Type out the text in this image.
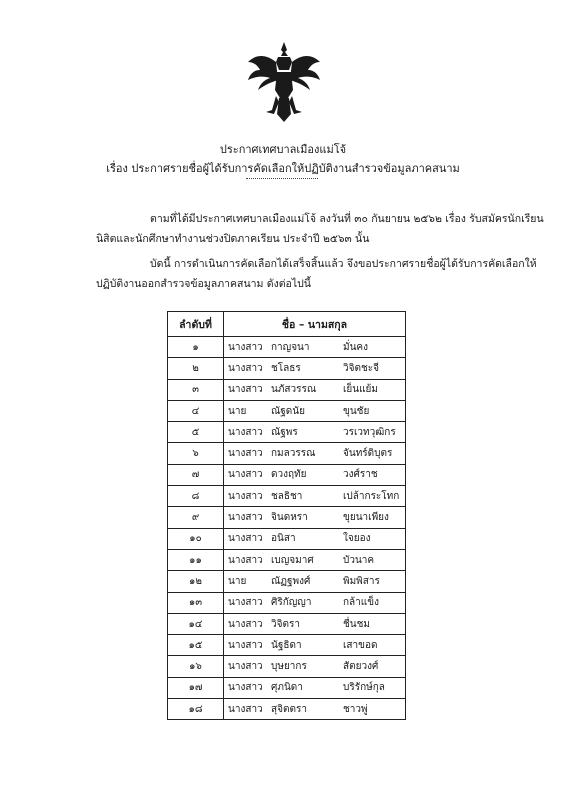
ประกาศเทศบาลเมืองแม่โจ้
เรื่อง ประกาศรายชื่อผู้ได้รับการคัดเลือกให้ปฏิบัติงานสำรวจข้อมูลภาคสนาม
ตามที่ได้มีประกาศเทศบาลเมืองแม่โจ้ ลงวันที่ ๓๐ กันยายน ๒๕๖๒ เรื่อง รับสมัครนักเรียน
นิสิตและนักศึกษาทำงานช่วงปิดภาคเรียน ประจำปี ๒๕๖๓ นั้น
บัดนี้ การดำเนินการคัดเลือกได้เสร็จสิ้นแล้ว จึงขอประกาศรายชื่อผู้ได้รับการคัดเลือกให้
ปฏิบัติงานออกสำรวจข้อมูลภาคสนาม ดังต่อไปนี้
ลำดับที่	ชื่อ – นามสกุล
๑	นางสาว กาญจนา มั่นคง

๒	นางสาว ชโลธร วิจิตชะจี

๓	นางสาว นภัสวรรณ เย็นแย้ม

๔	นาย ณัฐดนัย ขุนชัย

๕	นางสาว ณัฐพร วรเวทวุฒิกร

๖	นางสาว กมลวรรณ จันทร์ดิบุตร

๗	นางสาว ดวงฤทัย วงศ์ราช

๘	นางสาว ชลธิชา เปล้ากระโทก

๙	นางสาว จินดหรา ขุยนาเพียง

๑๐	นางสาว อนิสา ใจยอง

๑๑	นางสาว เบญจมาศ บัวนาค

๑๒	นาย ณัฏฐพงศ์ พิมพิสาร

๑๓	นางสาว ศิริกัญญา กล้าแข็ง

๑๔	นางสาว วิจิตรา ชื่นชม

๑๕	นางสาว นัฐธิดา เสาขอด

๑๖	นางสาว บุษยากร สัตยวงศ์

๑๗	นางสาว ศุภนิดา บริรักษ์กุล

๑๘	นางสาว สุจิตตรา ชาวพู่
